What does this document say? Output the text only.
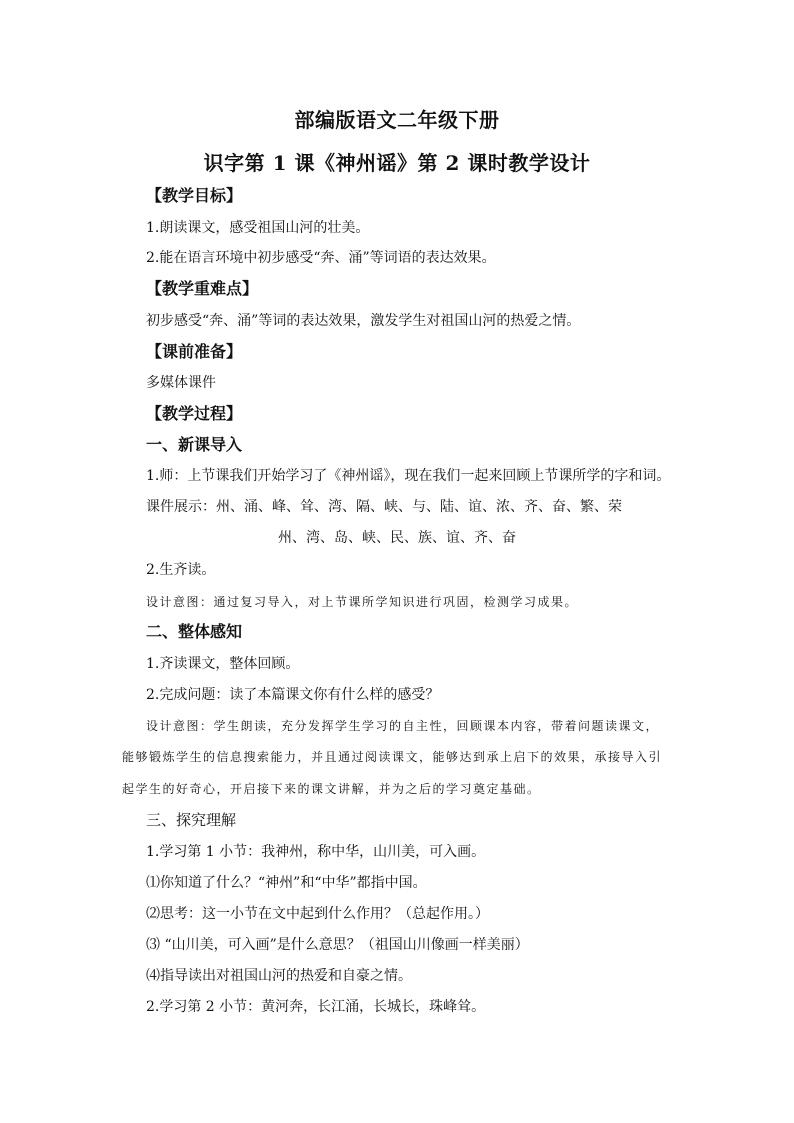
部编版语文二年级下册
识字第 1 课《神州谣》第 2 课时教学设计
【教学目标】
1.朗读课文，感受祖国山河的壮美。
2.能在语言环境中初步感受“奔、涌”等词语的表达效果。
【教学重难点】
初步感受“奔、涌”等词的表达效果，激发学生对祖国山河的热爱之情。
【课前准备】
多媒体课件
【教学过程】
一、新课导入
1.师：上节课我们开始学习了《神州谣》，现在我们一起来回顾上节课所学的字和词。
课件展示：州、涌、峰、耸、湾、隔、峡、与、陆、谊、浓、齐、奋、繁、荣
州、湾、岛、峡、民、族、谊、齐、奋
2.生齐读。
设计意图：通过复习导入，对上节课所学知识进行巩固，检测学习成果。
二、整体感知
1.齐读课文，整体回顾。
2.完成问题：读了本篇课文你有什么样的感受？
设计意图：学生朗读，充分发挥学生学习的自主性，回顾课本内容，带着问题读课文，
能够锻炼学生的信息搜索能力，并且通过阅读课文，能够达到承上启下的效果，承接导入引
起学生的好奇心，开启接下来的课文讲解，并为之后的学习奠定基础。
三、探究理解
1.学习第 1 小节：我神州，称中华，山川美，可入画。
⑴你知道了什么？“神州”和“中华”都指中国。
⑵思考：这一小节在文中起到什么作用？（总起作用。）
⑶ “山川美，可入画”是什么意思？（祖国山川像画一样美丽）
⑷指导读出对祖国山河的热爱和自豪之情。
2.学习第 2 小节：黄河奔，长江涌，长城长，珠峰耸。
